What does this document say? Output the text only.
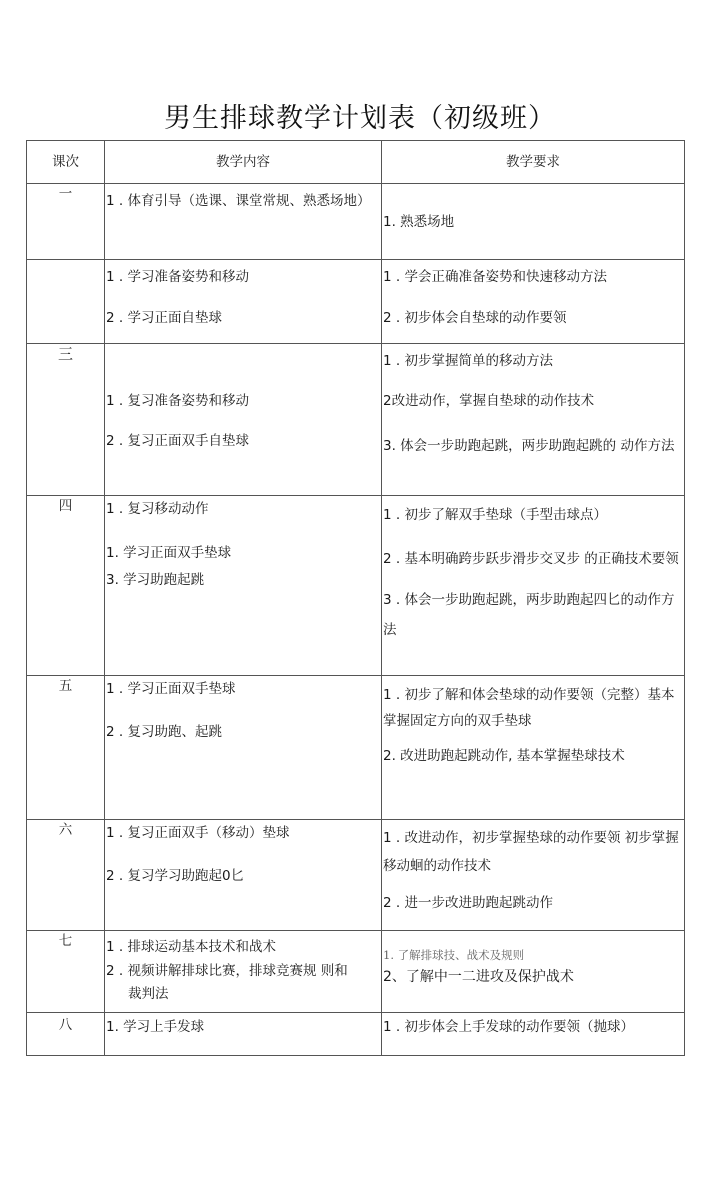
男生排球教学计划表（初级班）
课次	教学内容	教学要求
一	1 . 体育引导（选课、课堂常规、熟悉场地）	1. 熟悉场地

	1 . 学习准备姿势和移动
2 . 学习正面自垫球	1 . 学会正确准备姿势和快速移动方法
2 . 初步体会自垫球的动作要领

三	1 . 复习准备姿势和移动
2 . 复习正面双手自垫球	1 . 初步掌握简单的移动方法
2改进动作，掌握自垫球的动作技术
3. 体会一步助跑起跳，两步助跑起跳的 动作方法

四	1 . 复习移动动作
1. 学习正面双手垫球
3. 学习助跑起跳	1 . 初步了解双手垫球（手型击球点）
2 . 基本明确跨步跃步滑步交叉步 的正确技术要领
3 . 体会一步助跑起跳，两步助跑起四匕的动作方法

五	1 . 学习正面双手垫球
2 . 复习助跑、起跳	1 . 初步了解和体会垫球的动作要领（完整）基本掌握固定方向的双手垫球
2. 改进助跑起跳动作, 基本掌握垫球技术

六	1 . 复习正面双手（移动）垫球
2 . 复习学习助跑起0匕	1 . 改进动作，初步掌握垫球的动作要领 初步掌握移动蛔的动作技术
2 . 进一步改进助跑起跳动作

七	1 . 排球运动基本技术和战术
2 . 视频讲解排球比赛，排球竞赛规 则和
裁判法	1. 了解排球技、战术及规则
2、了解中一二进攻及保护战术

八	1. 学习上手发球	1 . 初步体会上手发球的动作要领（抛球）
